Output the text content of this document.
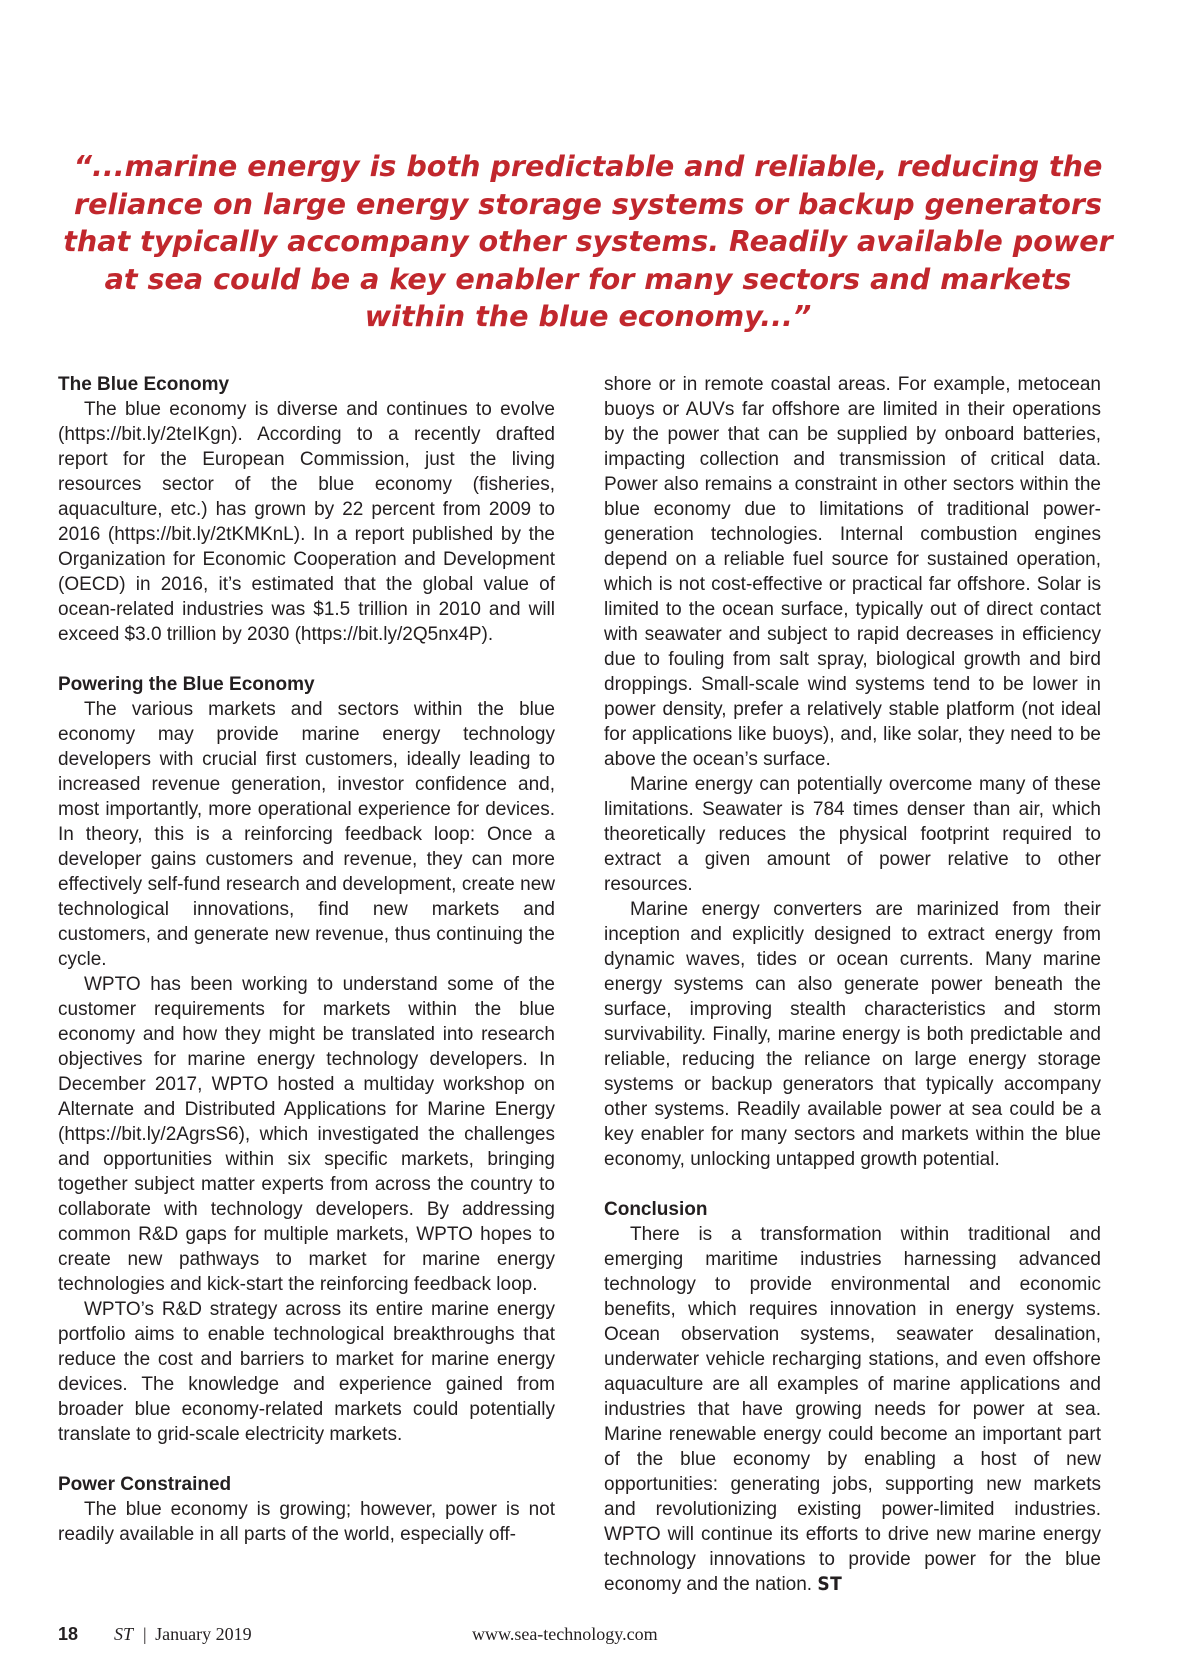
“...marine energy is both predictable and reliable, reducing the reliance on large energy storage systems or backup generators that typically accompany other systems. Readily available power at sea could be a key enabler for many sectors and markets within the blue economy...”
The Blue Economy

The blue economy is diverse and continues to evolve (https://bit.ly/2teIKgn). According to a recently drafted report for the European Commission, just the living resources sector of the blue economy (fisheries, aquaculture, etc.) has grown by 22 percent from 2009 to 2016 (https://bit.ly/2tKMKnL). In a report published by the Organization for Economic Cooperation and Development (OECD) in 2016, it’s estimated that the global value of ocean-related industries was $1.5 trillion in 2010 and will exceed $3.0 trillion by 2030 (https://bit.ly/2Q5nx4P).

Powering the Blue Economy

The various markets and sectors within the blue economy may provide marine energy technology developers with crucial first customers, ideally leading to increased revenue generation, investor confidence and, most importantly, more operational experience for devices. In theory, this is a reinforcing feedback loop: Once a developer gains customers and revenue, they can more effectively self-fund research and development, create new technological innovations, find new markets and customers, and generate new revenue, thus continuing the cycle.

WPTO has been working to understand some of the customer requirements for markets within the blue economy and how they might be translated into research objectives for marine energy technology developers. In December 2017, WPTO hosted a multiday workshop on Alternate and Distributed Applications for Marine Energy (https://bit.ly/2AgrsS6), which investigated the challenges and opportunities within six specific markets, bringing together subject matter experts from across the country to collaborate with technology developers. By addressing common R&D gaps for multiple markets, WPTO hopes to create new pathways to market for marine energy technologies and kick-start the reinforcing feedback loop.

WPTO’s R&D strategy across its entire marine energy portfolio aims to enable technological breakthroughs that reduce the cost and barriers to market for marine energy devices. The knowledge and experience gained from broader blue economy-related markets could potentially translate to grid-scale electricity markets.

Power Constrained

The blue economy is growing; however, power is not readily available in all parts of the world, especially off-

shore or in remote coastal areas. For example, metocean buoys or AUVs far offshore are limited in their operations by the power that can be supplied by onboard batteries, impacting collection and transmission of critical data. Power also remains a constraint in other sectors within the blue economy due to limitations of traditional power-generation technologies. Internal combustion engines depend on a reliable fuel source for sustained operation, which is not cost-effective or practical far offshore. Solar is limited to the ocean surface, typically out of direct contact with seawater and subject to rapid decreases in efficiency due to fouling from salt spray, biological growth and bird droppings. Small-scale wind systems tend to be lower in power density, prefer a relatively stable platform (not ideal for applications like buoys), and, like solar, they need to be above the ocean’s surface.

Marine energy can potentially overcome many of these limitations. Seawater is 784 times denser than air, which theoretically reduces the physical footprint required to extract a given amount of power relative to other resources.

Marine energy converters are marinized from their inception and explicitly designed to extract energy from dynamic waves, tides or ocean currents. Many marine energy systems can also generate power beneath the surface, improving stealth characteristics and storm survivability. Finally, marine energy is both predictable and reliable, reducing the reliance on large energy storage systems or backup generators that typically accompany other systems. Readily available power at sea could be a key enabler for many sectors and markets within the blue economy, unlocking untapped growth potential.

Conclusion

There is a transformation within traditional and emerging maritime industries harnessing advanced technology to provide environmental and economic benefits, which requires innovation in energy systems. Ocean observation systems, seawater desalination, underwater vehicle recharging stations, and even offshore aquaculture are all examples of marine applications and industries that have growing needs for power at sea. Marine renewable energy could become an important part of the blue economy by enabling a host of new opportunities: generating jobs, supporting new markets and revolutionizing existing power-limited industries. WPTO will continue its efforts to drive new marine energy technology innovations to provide power for the blue economy and the nation. ST

18 ST | January 2019	www.sea-technology.com
